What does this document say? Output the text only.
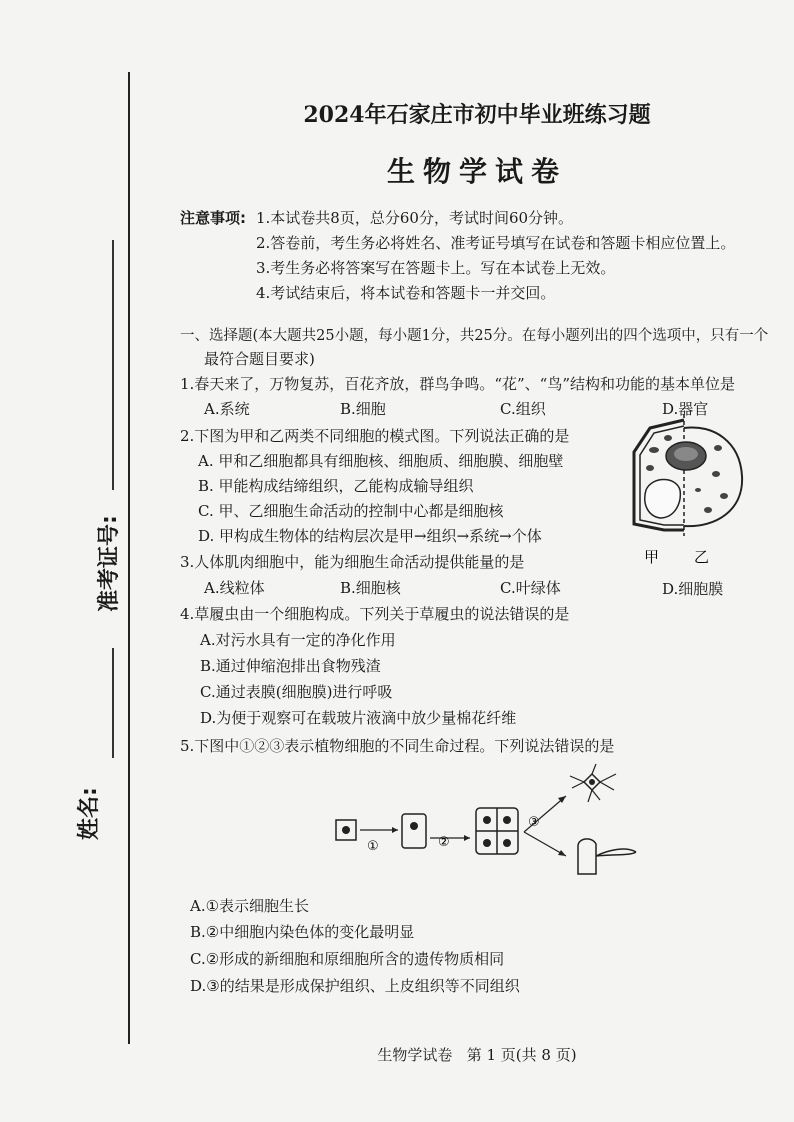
准考证号:
姓名:
2024年石家庄市初中毕业班练习题
生物学试卷
注意事项: 1.本试卷共8页，总分60分，考试时间60分钟。
2.答卷前，考生务必将姓名、准考证号填写在试卷和答题卡相应位置上。
3.考生务必将答案写在答题卡上。写在本试卷上无效。
4.考试结束后，将本试卷和答题卡一并交回。
一、选择题(本大题共25小题，每小题1分，共25分。在每小题列出的四个选项中，只有一个
最符合题目要求)
1.春天来了，万物复苏，百花齐放，群鸟争鸣。“花”、“鸟”结构和功能的基本单位是
A.系统	B.细胞	C.组织	D.器官
2.下图为甲和乙两类不同细胞的模式图。下列说法正确的是
A. 甲和乙细胞都具有细胞核、细胞质、细胞膜、细胞壁
B. 甲能构成结缔组织，乙能构成输导组织
C. 甲、乙细胞生命活动的控制中心都是细胞核
D. 甲构成生物体的结构层次是甲→组织→系统→个体
甲 乙
3.人体肌肉细胞中，能为细胞生命活动提供能量的是
A.线粒体	B.细胞核	C.叶绿体	D.细胞膜
4.草履虫由一个细胞构成。下列关于草履虫的说法错误的是
A.对污水具有一定的净化作用
B.通过伸缩泡排出食物残渣
C.通过表膜(细胞膜)进行呼吸
D.为便于观察可在载玻片液滴中放少量棉花纤维
5.下图中①②③表示植物细胞的不同生命过程。下列说法错误的是
①	②
③
A.①表示细胞生长
B.②中细胞内染色体的变化最明显
C.②形成的新细胞和原细胞所含的遗传物质相同
D.③的结果是形成保护组织、上皮组织等不同组织
生物学试卷   第 1 页(共 8 页)
